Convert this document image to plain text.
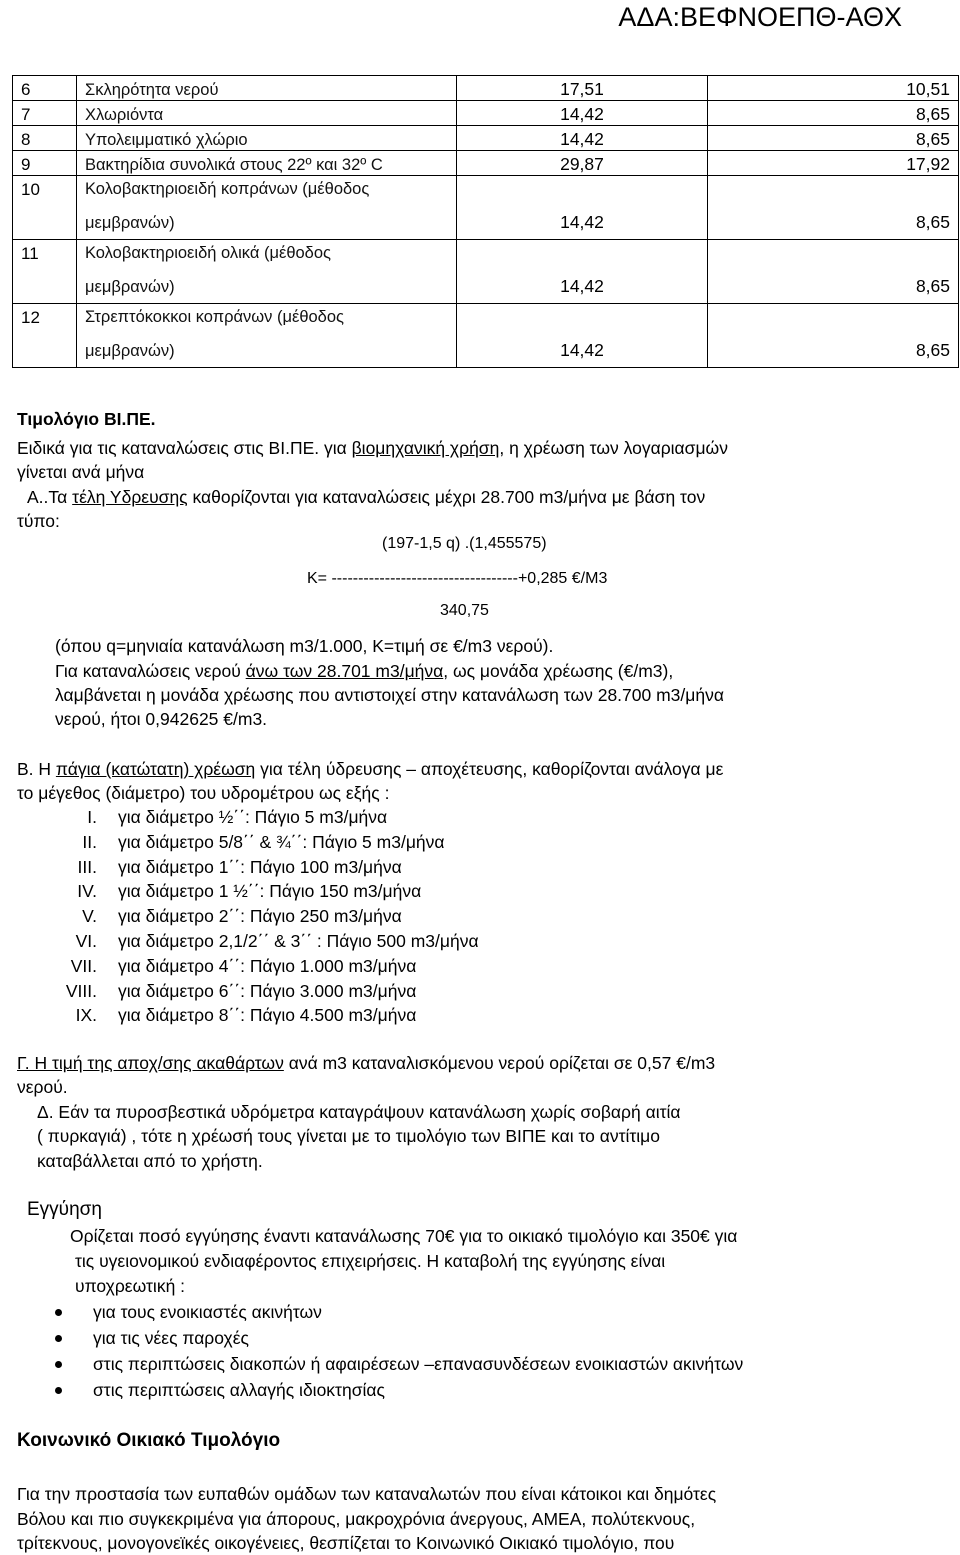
ΑΔΑ:ΒΕΦΝΟΕΠΘ-ΑΘΧ
6	Σκληρότητα νερού	17,51	10,51
7	Χλωριόντα	14,42	8,65
8	Υπολειμματικό χλώριο	14,42	8,65
9	Βακτηρίδια συνολικά στους 22º και 32º C	29,87	17,92
10	Κολοβακτηριοειδή κοπράνων (μέθοδος	14,42	8,65
	μεμβρανών)		
11	Κολοβακτηριοειδή ολικά (μέθοδος	14,42	8,65
	μεμβρανών)		
12	Στρεπτόκοκκοι κοπράνων (μέθοδος	14,42	8,65
	μεμβρανών)		
Τιμολόγιο ΒΙ.ΠΕ.
Ειδικά για τις καταναλώσεις στις ΒΙ.ΠΕ. για βιομηχανική χρήση, η χρέωση των λογαριασμών
γίνεται ανά μήνα
Α..Τα τέλη Υδρευσης καθορίζονται για καταναλώσεις μέχρι 28.700 m3/μήνα με βάση τον
τύπο:
(197-1,5 q) .(1,455575)
Κ= -----------------------------------+0,285 €/Μ3
340,75
(όπου q=μηνιαία κατανάλωση m3/1.000, Κ=τιμή σε €/m3 νερού).
Για καταναλώσεις νερού άνω των 28.701 m3/μήνα, ως μονάδα χρέωσης (€/m3),
λαμβάνεται η μονάδα χρέωσης που αντιστοιχεί στην κατανάλωση των 28.700 m3/μήνα
νερού, ήτοι 0,942625 €/m3.
Β. Η πάγια (κατώτατη) χρέωση για τέλη ύδρευσης – αποχέτευσης, καθορίζονται ανάλογα με
το μέγεθος (διάμετρο) του υδρομέτρου ως εξής :
I. για διάμετρο ½΄΄: Πάγιο 5 m3/μήνα
II. για διάμετρο 5/8΄΄ & ¾΄΄: Πάγιο 5 m3/μήνα
III. για διάμετρο 1΄΄: Πάγιο 100 m3/μήνα
IV. για διάμετρο 1 ½΄΄: Πάγιο 150 m3/μήνα
V. για διάμετρο 2΄΄: Πάγιο 250 m3/μήνα
VI. για διάμετρο 2,1/2΄΄ & 3΄΄ : Πάγιο 500 m3/μήνα
VII. για διάμετρο 4΄΄: Πάγιο 1.000 m3/μήνα
VIII. για διάμετρο 6΄΄: Πάγιο 3.000 m3/μήνα
IX. για διάμετρο 8΄΄: Πάγιο 4.500 m3/μήνα
Γ. Η τιμή της αποχ/σης ακαθάρτων ανά m3 καταναλισκόμενου νερού ορίζεται σε 0,57 €/m3
νερού.
Δ. Εάν τα πυροσβεστικά υδρόμετρα καταγράψουν κατανάλωση χωρίς σοβαρή αιτία
( πυρκαγιά) , τότε η χρέωσή τους γίνεται με το τιμολόγιο των ΒΙΠΕ και το αντίτιμο
καταβάλλεται από το χρήστη.
Εγγύηση
Ορίζεται ποσό εγγύησης έναντι κατανάλωσης 70€ για το οικιακό τιμολόγιο και 350€ για
τις υγειονομικού ενδιαφέροντος επιχειρήσεις. Η καταβολή της εγγύησης είναι
υποχρεωτική :
για τους ενοικιαστές ακινήτων
για τις νέες παροχές
στις περιπτώσεις διακοπών ή αφαιρέσεων –επανασυνδέσεων ενοικιαστών ακινήτων
στις περιπτώσεις αλλαγής ιδιοκτησίας
Κοινωνικό Οικιακό Τιμολόγιο
Για την προστασία των ευπαθών ομάδων των καταναλωτών που είναι κάτοικοι και δημότες
Βόλου και πιο συγκεκριμένα για άπορους, μακροχρόνια άνεργους, ΑΜΕΑ, πολύτεκνους,
τρίτεκνους, μονογονεϊκές οικογένειες, θεσπίζεται το Κοινωνικό Οικιακό τιμολόγιο, που
